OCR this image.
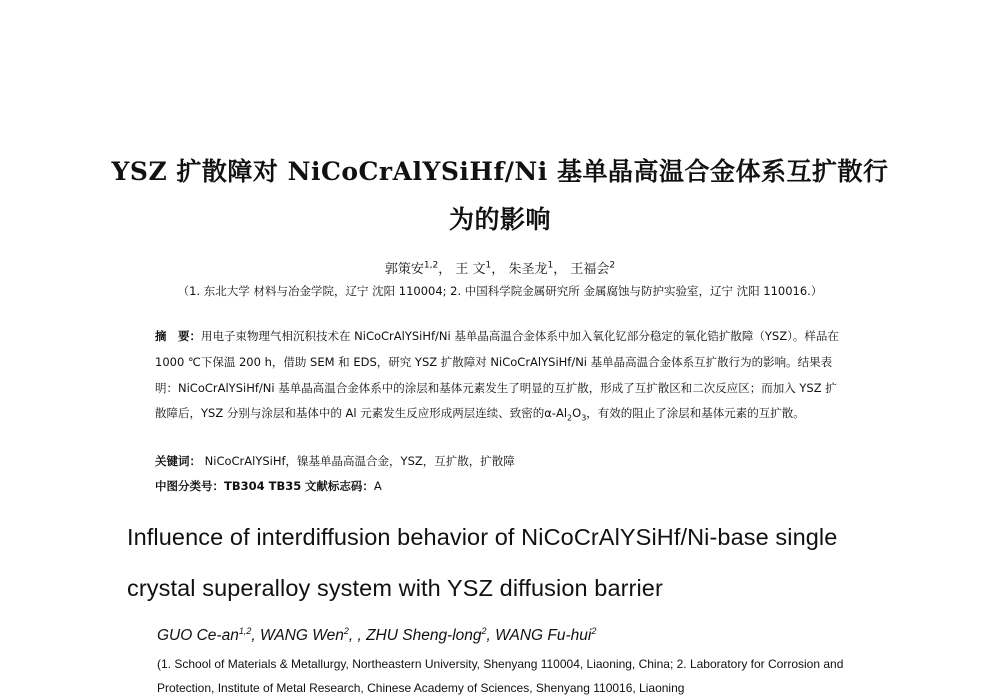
YSZ 扩散障对 NiCoCrAlYSiHf/Ni 基单晶高温合金体系互扩散行
为的影响
郭策安$^{1,2}$， 王 文$^1$， 朱圣龙$^1$， 王福会$^2$
（1. 东北大学 材料与冶金学院，辽宁 沈阳 110004; 2. 中国科学院金属研究所 金属腐蚀与防护实验室，辽宁 沈阳 110016.）
摘　要：用电子束物理气相沉积技术在 NiCoCrAlYSiHf/Ni 基单晶高温合金体系中加入氧化钇部分稳定的氧化锆扩散障（YSZ）。样品在 1000 ℃下保温 200 h，借助 SEM 和 EDS，研究 YSZ 扩散障对 NiCoCrAlYSiHf/Ni 基单晶高温合金体系互扩散行为的影响。结果表明：NiCoCrAlYSiHf/Ni 基单晶高温合金体系中的涂层和基体元素发生了明显的互扩散，形成了互扩散区和二次反应区；而加入 YSZ 扩散障后，YSZ 分别与涂层和基体中的 Al 元素发生反应形成两层连续、致密的$\alpha-Al_2O_3$，有效的阻止了涂层和基体元素的互扩散。
关键词： NiCoCrAlYSiHf，镍基单晶高温合金，YSZ，互扩散，扩散障
中图分类号：TB304 TB35 文献标志码：A
Influence of interdiffusion behavior of NiCoCrAlYSiHf/Ni-base single
crystal superalloy system with YSZ diffusion barrier
GUO Ce-an$^{1,2}$, WANG Wen$^2$, , ZHU Sheng-long$^2$, WANG Fu-hui$^2$
(1. School of Materials & Metallurgy, Northeastern University, Shenyang 110004, Liaoning, China; 2. Laboratory for Corrosion and Protection, Institute of Metal Research, Chinese Academy of Sciences, Shenyang 110016, Liaoning
